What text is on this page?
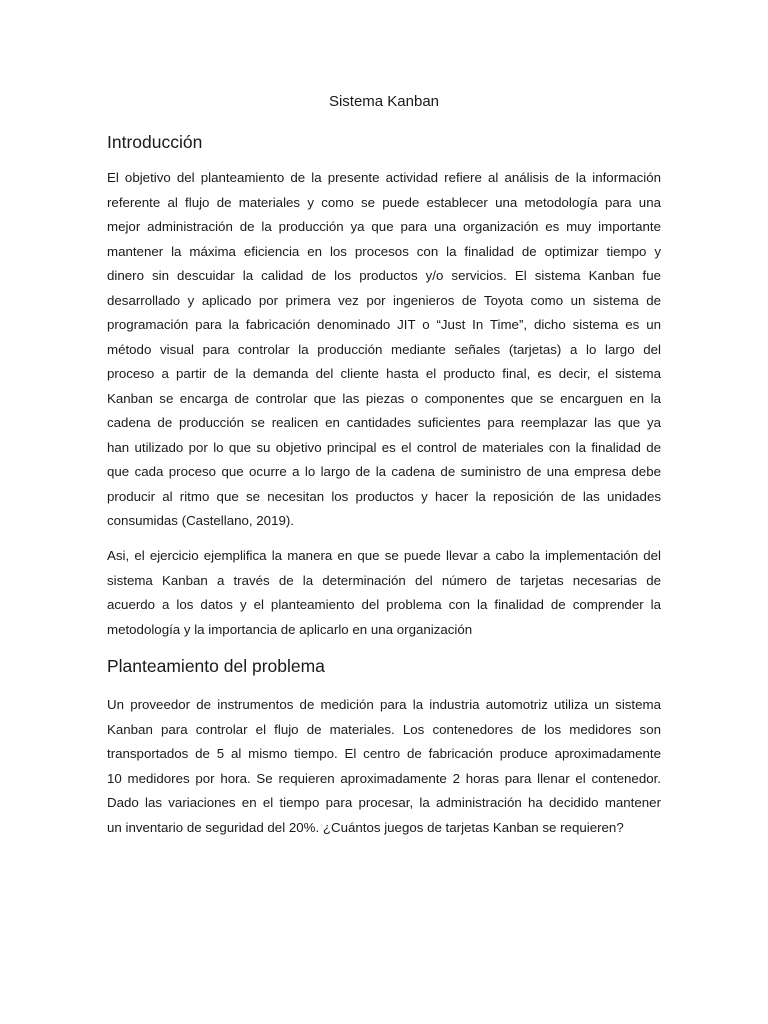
Sistema Kanban
Introducción
El objetivo del planteamiento de la presente actividad refiere al análisis de la información
referente al flujo de materiales y como se puede establecer una metodología para una
mejor administración de la producción ya que para una organización es muy importante
mantener la máxima eficiencia en los procesos con la finalidad de optimizar tiempo y
dinero sin descuidar la calidad de los productos y/o servicios. El sistema Kanban fue
desarrollado y aplicado por primera vez por ingenieros de Toyota como un sistema de
programación para la fabricación denominado JIT o “Just In Time”, dicho sistema es un
método visual para controlar la producción mediante señales (tarjetas) a lo largo del
proceso a partir de la demanda del cliente hasta el producto final, es decir, el sistema
Kanban se encarga de controlar que las piezas o componentes que se encarguen en la
cadena de producción se realicen en cantidades suficientes para reemplazar las que ya
han utilizado por lo que su objetivo principal es el control de materiales con la finalidad de
que cada proceso que ocurre a lo largo de la cadena de suministro de una empresa debe
producir al ritmo que se necesitan los productos y hacer la reposición de las unidades
consumidas (Castellano, 2019).
Asi, el ejercicio ejemplifica la manera en que se puede llevar a cabo la implementación del
sistema Kanban a través de la determinación del número de tarjetas necesarias de
acuerdo a los datos y el planteamiento del problema con la finalidad de comprender la
metodología y la importancia de aplicarlo en una organización
Planteamiento del problema
Un proveedor de instrumentos de medición para la industria automotriz utiliza un sistema
Kanban para controlar el flujo de materiales. Los contenedores de los medidores son
transportados de 5 al mismo tiempo. El centro de fabricación produce aproximadamente
10 medidores por hora. Se requieren aproximadamente 2 horas para llenar el contenedor.
Dado las variaciones en el tiempo para procesar, la administración ha decidido mantener
un inventario de seguridad del 20%. ¿Cuántos juegos de tarjetas Kanban se requieren?
